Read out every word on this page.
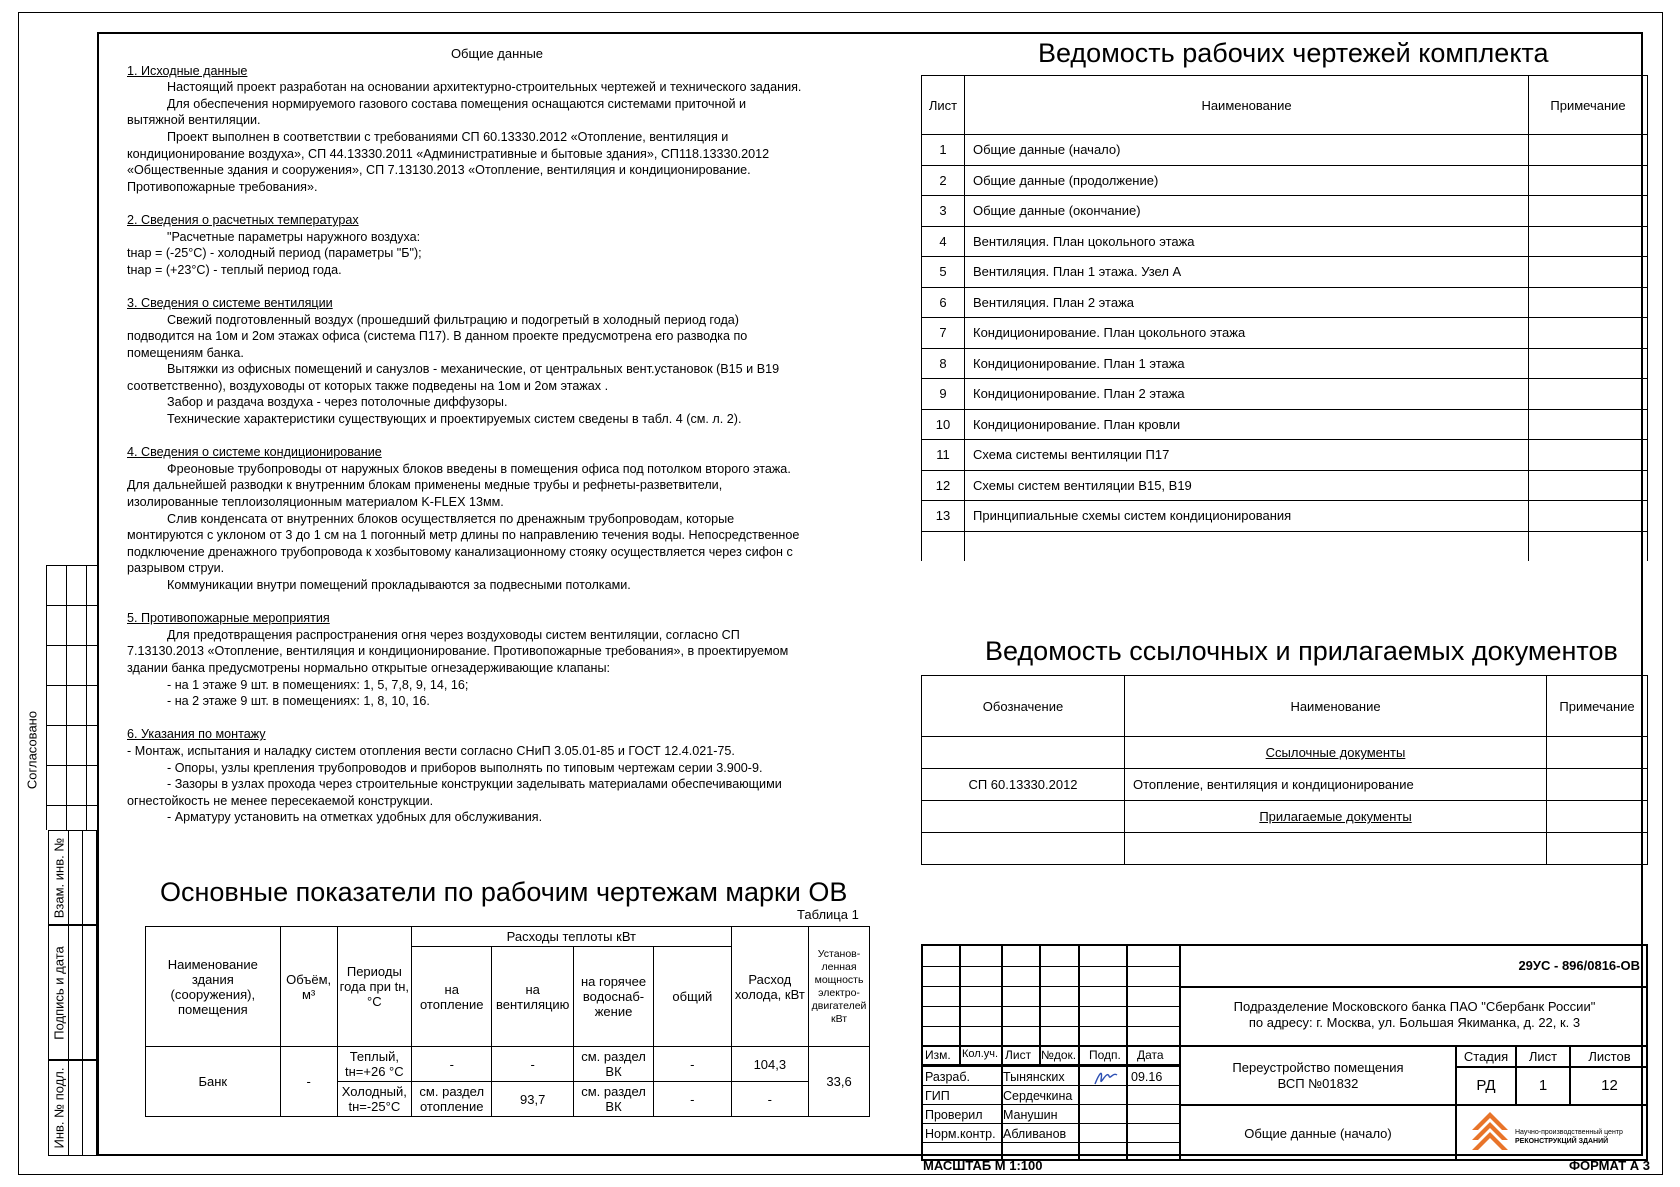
Согласовано
Взам. инв. №
Подпись и дата
Инв. № подл.
Общие данные

1. Исходные данные

Настоящий проект разработан на основании архитектурно-строительных чертежей и технического задания.

Для обеспечения нормируемого газового состава помещения оснащаются системами приточной и

вытяжной вентиляции.

Проект выполнен в соответствии с требованиями СП 60.13330.2012 «Отопление, вентиляция и

кондиционирование воздуха», СП 44.13330.2011 «Административные и бытовые здания», СП118.13330.2012

«Общественные здания и сооружения», СП 7.13130.2013 «Отопление, вентиляция и кондиционирование.

Противопожарные требования».

2. Сведения о расчетных температурах

"Расчетные параметры наружного воздуха:

tнар = (-25°C) - холодный период (параметры "Б");

tнар = (+23°C) - теплый период года.

3. Сведения о системе вентиляции

Свежий подготовленный воздух (прошедший фильтрацию и подогретый в холодный период года)

подводится на 1ом и 2ом этажах офиса (система П17). В данном проекте предусмотрена его разводка по

помещениям банка.

Вытяжки из офисных помещений и санузлов - механические, от центральных вент.установок (В15 и В19

соответственно), воздуховоды от которых также подведены на 1ом и 2ом этажах .

Забор и раздача воздуха - через потолочные диффузоры.

Технические характеристики существующих и проектируемых систем сведены в табл. 4 (см. л. 2).

4. Сведения о системе кондиционирование

Фреоновые трубопроводы от наружных блоков введены в помещения офиса под потолком второго этажа.

Для дальнейшей разводки к внутренним блокам применены медные трубы и рефнеты-разветвители,

изолированные теплоизоляционным материалом K-FLEX 13мм.

Слив конденсата от внутренних блоков осуществляется по дренажным трубопроводам, которые

монтируются с уклоном от 3 до 1 см на 1 погонный метр длины по направлению течения воды. Непосредственное

подключение дренажного трубопровода к хозбытовому канализационному стояку осуществляется через сифон с

разрывом струи.

Коммуникации внутри помещений прокладываются за подвесными потолками.

5. Противопожарные мероприятия

Для предотвращения распространения огня через воздуховоды систем вентиляции, согласно СП

7.13130.2013 «Отопление, вентиляция и кондиционирование. Противопожарные требования», в проектируемом

здании банка предусмотрены нормально открытые огнезадерживающие клапаны:

- на 1 этаже 9 шт. в помещениях: 1, 5, 7,8, 9, 14, 16;

- на 2 этаже 9 шт. в помещениях: 1, 8, 10, 16.

6. Указания по монтажу

- Монтаж, испытания и наладку систем отопления вести согласно СНиП 3.05.01-85 и ГОСТ 12.4.021-75.

- Опоры, узлы крепления трубопроводов и приборов выполнять по типовым чертежам серии 3.900-9.

- Зазоры в узлах прохода через строительные конструкции заделывать материалами обеспечивающими

огнестойкость не менее пересекаемой конструкции.

- Арматуру установить на отметках удобных для обслуживания.

Ведомость рабочих чертежей комплекта
Лист	Наименование	Примечание
1	Общие данные (начало)	
2	Общие данные (продолжение)	
3	Общие данные (окончание)	
4	Вентиляция. План цокольного этажа	
5	Вентиляция. План 1 этажа. Узел А	
6	Вентиляция. План 2 этажа	
7	Кондиционирование. План цокольного этажа	
8	Кондиционирование. План 1 этажа	
9	Кондиционирование. План 2 этажа	
10	Кондиционирование. План кровли	
11	Схема системы вентиляции П17	
12	Схемы систем вентиляции В15, В19	
13	Принципиальные схемы систем кондиционирования	

Ведомость ссылочных и прилагаемых документов
Обозначение	Наименование	Примечание
	Ссылочные документы	
СП 60.13330.2012	Отопление, вентиляция и кондиционирование	
	Прилагаемые документы	

Основные показатели по рабочим чертежам марки ОВ
Таблица 1
Наименование здания (сооружения), помещения	Объём, м³	Периоды года при tн, °С	Расходы теплоты кВт				Расход холода, кВт	Установ-ленная мощность электро-двигателей кВт
			на отопление	на вентиляцию	на горячее водоснаб-жение	общий		
Банк	-	Теплый, tн=+26 °С	-	-	см. раздел ВК	-	104,3	33,6
		Холодный, tн=-25°С	см. раздел отопление	93,7	см. раздел ВК	-	-	
29УС - 896/0816-ОВ
Подразделение Московского банка ПАО "Сбербанк России"
по адресу: г. Москва, ул. Большая Якиманка, д. 22, к. 3
Переустройство помещения
ВСП №01832
Общие данные (начало)
Стадия	Лист	Листов
РД	1	12
Научно-производственный центр
РЕКОНСТРУКЦИЙ ЗДАНИЙ
Изм. Кол.уч. Лист №док. Подп. Дата
Разраб.	Тынянских	09.16
ГИП	Сердечкина
Проверил Манушин
Норм.контр. Абливанов
МАСШТАБ М 1:100	ФОРМАТ А 3
